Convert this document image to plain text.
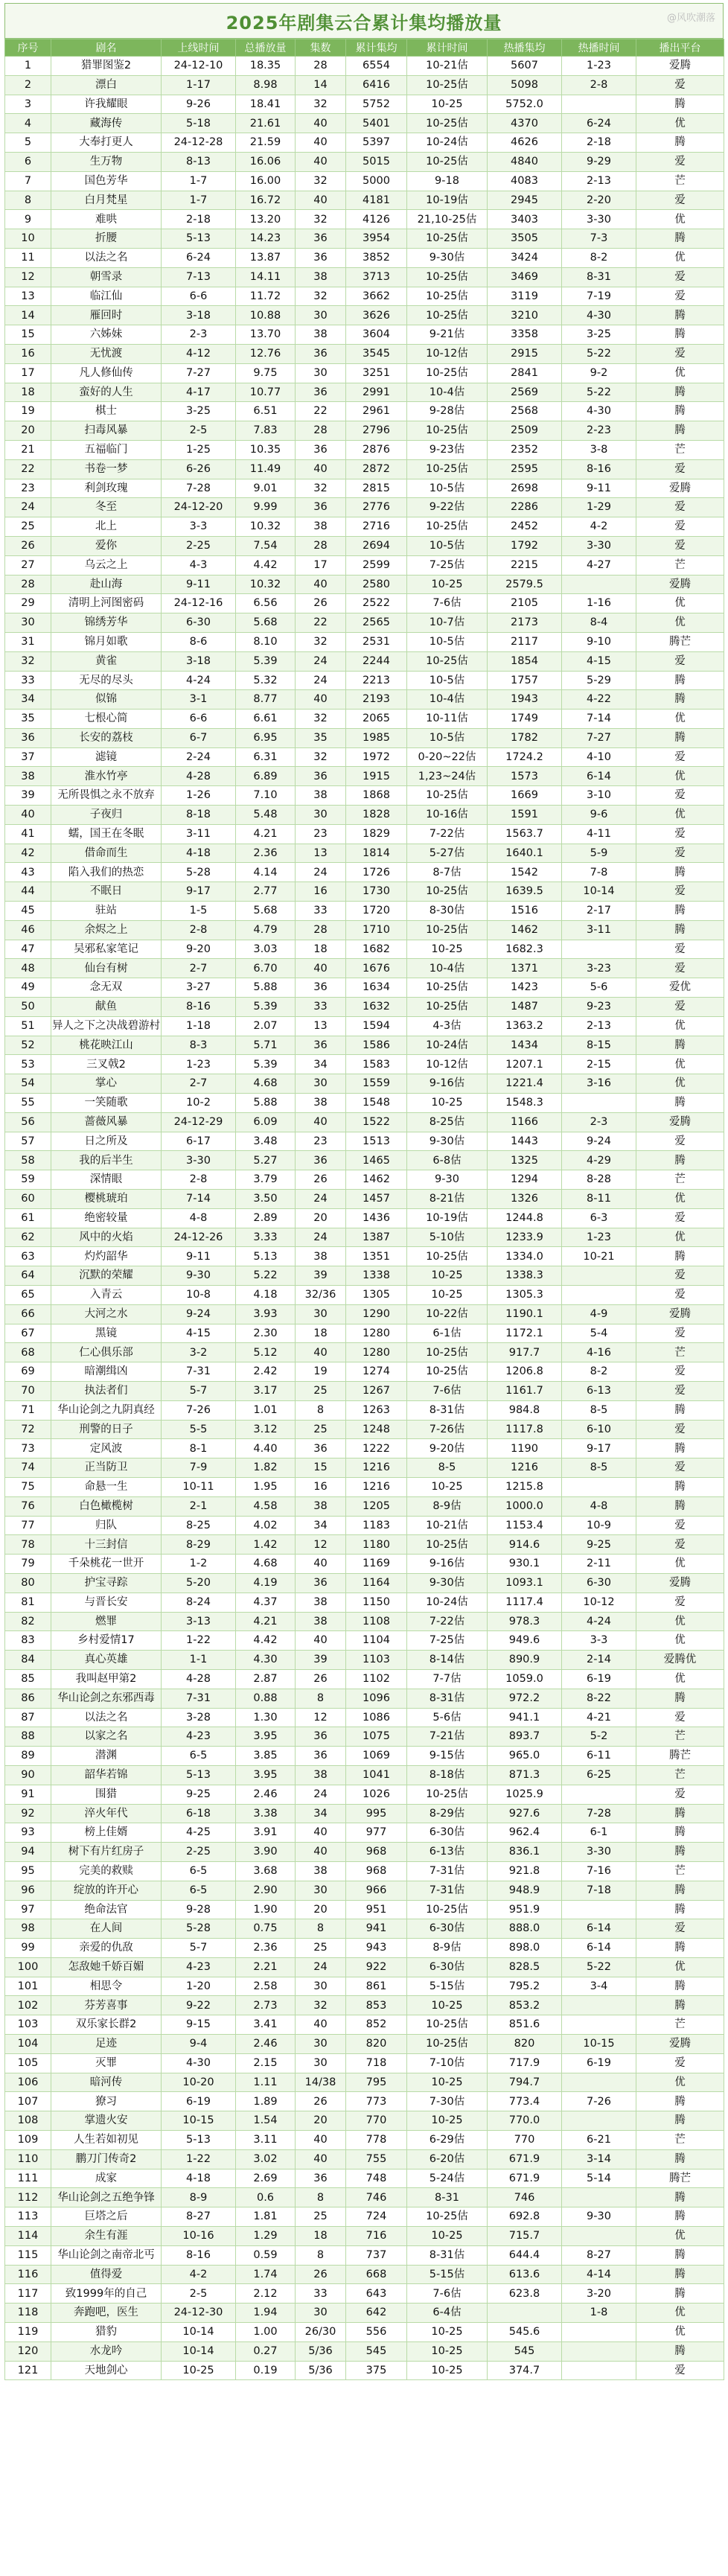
2025年剧集云合累计集均播放量	@风吹潮落
序号	剧名	上线时间	总播放量	集数	累计集均	累计时间	热播集均	热播时间	播出平台
1	猎罪图鉴2	24-12-10	18.35	28	6554	10-21估	5607	1-23	爱腾
2	漂白	1-17	8.98	14	6416	10-25估	5098	2-8	爱
3	许我耀眼	9-26	18.41	32	5752	10-25	5752.0		腾
4	藏海传	5-18	21.61	40	5401	10-25估	4370	6-24	优
5	大奉打更人	24-12-28	21.59	40	5397	10-24估	4626	2-18	腾
6	生万物	8-13	16.06	40	5015	10-25估	4840	9-29	爱
7	国色芳华	1-7	16.00	32	5000	9-18	4083	2-13	芒
8	白月梵星	1-7	16.72	40	4181	10-19估	2945	2-20	爱
9	难哄	2-18	13.20	32	4126	21,10-25估	3403	3-30	优
10	折腰	5-13	14.23	36	3954	10-25估	3505	7-3	腾
11	以法之名	6-24	13.87	36	3852	9-30估	3424	8-2	优
12	朝雪录	7-13	14.11	38	3713	10-25估	3469	8-31	爱
13	临江仙	6-6	11.72	32	3662	10-25估	3119	7-19	爱
14	雁回时	3-18	10.88	30	3626	10-25估	3210	4-30	腾
15	六姊妹	2-3	13.70	38	3604	9-21估	3358	3-25	腾
16	无忧渡	4-12	12.76	36	3545	10-12估	2915	5-22	爱
17	凡人修仙传	7-27	9.75	30	3251	10-25估	2841	9-2	优
18	蛮好的人生	4-17	10.77	36	2991	10-4估	2569	5-22	腾
19	棋士	3-25	6.51	22	2961	9-28估	2568	4-30	腾
20	扫毒风暴	2-5	7.83	28	2796	10-25估	2509	2-23	腾
21	五福临门	1-25	10.35	36	2876	9-23估	2352	3-8	芒
22	书卷一梦	6-26	11.49	40	2872	10-25估	2595	8-16	爱
23	利剑玫瑰	7-28	9.01	32	2815	10-5估	2698	9-11	爱腾
24	冬至	24-12-20	9.99	36	2776	9-22估	2286	1-29	爱
25	北上	3-3	10.32	38	2716	10-25估	2452	4-2	爱
26	爱你	2-25	7.54	28	2694	10-5估	1792	3-30	爱
27	乌云之上	4-3	4.42	17	2599	7-25估	2215	4-27	芒
28	赴山海	9-11	10.32	40	2580	10-25	2579.5		爱腾
29	清明上河图密码	24-12-16	6.56	26	2522	7-6估	2105	1-16	优
30	锦绣芳华	6-30	5.68	22	2565	10-7估	2173	8-4	优
31	锦月如歌	8-6	8.10	32	2531	10-5估	2117	9-10	腾芒
32	黄雀	3-18	5.39	24	2244	10-25估	1854	4-15	爱
33	无尽的尽头	4-24	5.32	24	2213	10-5估	1757	5-29	腾
34	似锦	3-1	8.77	40	2193	10-4估	1943	4-22	腾
35	七根心简	6-6	6.61	32	2065	10-11估	1749	7-14	优
36	长安的荔枝	6-7	6.95	35	1985	10-5估	1782	7-27	腾
37	滤镜	2-24	6.31	32	1972	0-20~22估	1724.2	4-10	爱
38	淮水竹亭	4-28	6.89	36	1915	1,23~24估	1573	6-14	优
39	无所畏惧之永不放弃	1-26	7.10	38	1868	10-25估	1669	3-10	爱
40	子夜归	8-18	5.48	30	1828	10-16估	1591	9-6	优
41	蠕，国王在冬眠	3-11	4.21	23	1829	7-22估	1563.7	4-11	爱
42	借命而生	4-18	2.36	13	1814	5-27估	1640.1	5-9	爱
43	陷入我们的热恋	5-28	4.14	24	1726	8-7估	1542	7-8	腾
44	不眠日	9-17	2.77	16	1730	10-25估	1639.5	10-14	爱
45	驻站	1-5	5.68	33	1720	8-30估	1516	2-17	腾
46	余烬之上	2-8	4.79	28	1710	10-25估	1462	3-11	腾
47	吴邪私家笔记	9-20	3.03	18	1682	10-25	1682.3		爱
48	仙台有树	2-7	6.70	40	1676	10-4估	1371	3-23	爱
49	念无双	3-27	5.88	36	1634	10-25估	1423	5-6	爱优
50	献鱼	8-16	5.39	33	1632	10-25估	1487	9-23	爱
51	异人之下之决战碧游村	1-18	2.07	13	1594	4-3估	1363.2	2-13	优
52	桃花映江山	8-3	5.71	36	1586	10-24估	1434	8-15	腾
53	三叉戟2	1-23	5.39	34	1583	10-12估	1207.1	2-15	优
54	掌心	2-7	4.68	30	1559	9-16估	1221.4	3-16	优
55	一笑随歌	10-2	5.88	38	1548	10-25	1548.3		腾
56	蔷薇风暴	24-12-29	6.09	40	1522	8-25估	1166	2-3	爱腾
57	日之所及	6-17	3.48	23	1513	9-30估	1443	9-24	爱
58	我的后半生	3-30	5.27	36	1465	6-8估	1325	4-29	腾
59	深情眼	2-8	3.79	26	1462	9-30	1294	8-28	芒
60	樱桃琥珀	7-14	3.50	24	1457	8-21估	1326	8-11	优
61	绝密较量	4-8	2.89	20	1436	10-19估	1244.8	6-3	爱
62	风中的火焰	24-12-26	3.33	24	1387	5-10估	1233.9	1-23	优
63	灼灼韶华	9-11	5.13	38	1351	10-25估	1334.0	10-21	腾
64	沉默的荣耀	9-30	5.22	39	1338	10-25	1338.3		爱
65	入青云	10-8	4.18	32/36	1305	10-25	1305.3		爱
66	大河之水	9-24	3.93	30	1290	10-22估	1190.1	4-9	爱腾
67	黑镜	4-15	2.30	18	1280	6-1估	1172.1	5-4	爱
68	仁心俱乐部	3-2	5.12	40	1280	10-25估	917.7	4-16	芒
69	暗潮缉凶	7-31	2.42	19	1274	10-25估	1206.8	8-2	爱
70	执法者们	5-7	3.17	25	1267	7-6估	1161.7	6-13	爱
71	华山论剑之九阴真经	7-26	1.01	8	1263	8-31估	984.8	8-5	腾
72	刑警的日子	5-5	3.12	25	1248	7-26估	1117.8	6-10	爱
73	定风波	8-1	4.40	36	1222	9-20估	1190	9-17	腾
74	正当防卫	7-9	1.82	15	1216	8-5	1216	8-5	爱
75	命悬一生	10-11	1.95	16	1216	10-25	1215.8		腾
76	白色橄榄树	2-1	4.58	38	1205	8-9估	1000.0	4-8	腾
77	归队	8-25	4.02	34	1183	10-21估	1153.4	10-9	爱
78	十三封信	8-29	1.42	12	1180	10-25估	914.6	9-25	爱
79	千朵桃花一世开	1-2	4.68	40	1169	9-16估	930.1	2-11	优
80	护宝寻踪	5-20	4.19	36	1164	9-30估	1093.1	6-30	爱腾
81	与晋长安	8-24	4.37	38	1150	10-24估	1117.4	10-12	爱
82	燃罪	3-13	4.21	38	1108	7-22估	978.3	4-24	优
83	乡村爱情17	1-22	4.42	40	1104	7-25估	949.6	3-3	优
84	真心英雄	1-1	4.30	39	1103	8-14估	890.9	2-14	爱腾优
85	我叫赵甲第2	4-28	2.87	26	1102	7-7估	1059.0	6-19	优
86	华山论剑之东邪西毒	7-31	0.88	8	1096	8-31估	972.2	8-22	腾
87	以法之名	3-28	1.30	12	1086	5-6估	941.1	4-21	爱
88	以家之名	4-23	3.95	36	1075	7-21估	893.7	5-2	芒
89	潜渊	6-5	3.85	36	1069	9-15估	965.0	6-11	腾芒
90	韶华若锦	5-13	3.95	38	1041	8-18估	871.3	6-25	芒
91	围猎	9-25	2.46	24	1026	10-25估	1025.9		爱
92	淬火年代	6-18	3.38	34	995	8-29估	927.6	7-28	腾
93	榜上佳婿	4-25	3.91	40	977	6-30估	962.4	6-1	腾
94	树下有片红房子	2-25	3.90	40	968	6-13估	836.1	3-30	腾
95	完美的救赎	6-5	3.68	38	968	7-31估	921.8	7-16	芒
96	绽放的许开心	6-5	2.90	30	966	7-31估	948.9	7-18	腾
97	绝命法官	9-28	1.90	20	951	10-25估	951.9		腾
98	在人间	5-28	0.75	8	941	6-30估	888.0	6-14	爱
99	亲爱的仇敌	5-7	2.36	25	943	8-9估	898.0	6-14	腾
100	怎敌她千娇百媚	4-23	2.21	24	922	6-30估	828.5	5-22	优
101	相思令	1-20	2.58	30	861	5-15估	795.2	3-4	腾
102	芬芳喜事	9-22	2.73	32	853	10-25	853.2		腾
103	双乐家长群2	9-15	3.41	40	852	10-25估	851.6		芒
104	足迹	9-4	2.46	30	820	10-25估	820	10-15	爱腾
105	灭罪	4-30	2.15	30	718	7-10估	717.9	6-19	爱
106	暗河传	10-20	1.11	14/38	795	10-25	794.7		优
107	獠习	6-19	1.89	26	773	7-30估	773.4	7-26	腾
108	掌遗火安	10-15	1.54	20	770	10-25	770.0		腾
109	人生若如初见	5-13	3.11	40	778	6-29估	770	6-21	芒
110	鹏刀门传奇2	1-22	3.02	40	755	6-20估	671.9	3-14	腾
111	成家	4-18	2.69	36	748	5-24估	671.9	5-14	腾芒
112	华山论剑之五绝争锋	8-9	0.6	8	746	8-31	746		腾
113	巨塔之后	8-27	1.81	25	724	10-25估	692.8	9-30	腾
114	余生有涯	10-16	1.29	18	716	10-25	715.7		优
115	华山论剑之南帝北丐	8-16	0.59	8	737	8-31估	644.4	8-27	腾
116	值得爱	4-2	1.74	26	668	5-15估	613.6	4-14	腾
117	致1999年的自己	2-5	2.12	33	643	7-6估	623.8	3-20	腾
118	奔跑吧，医生	24-12-30	1.94	30	642	6-4估		1-8	优
119	猎豹	10-14	1.00	26/30	556	10-25	545.6		优
120	水龙吟	10-14	0.27	5/36	545	10-25	545		腾
121	天地剑心	10-25	0.19	5/36	375	10-25	374.7		爱
